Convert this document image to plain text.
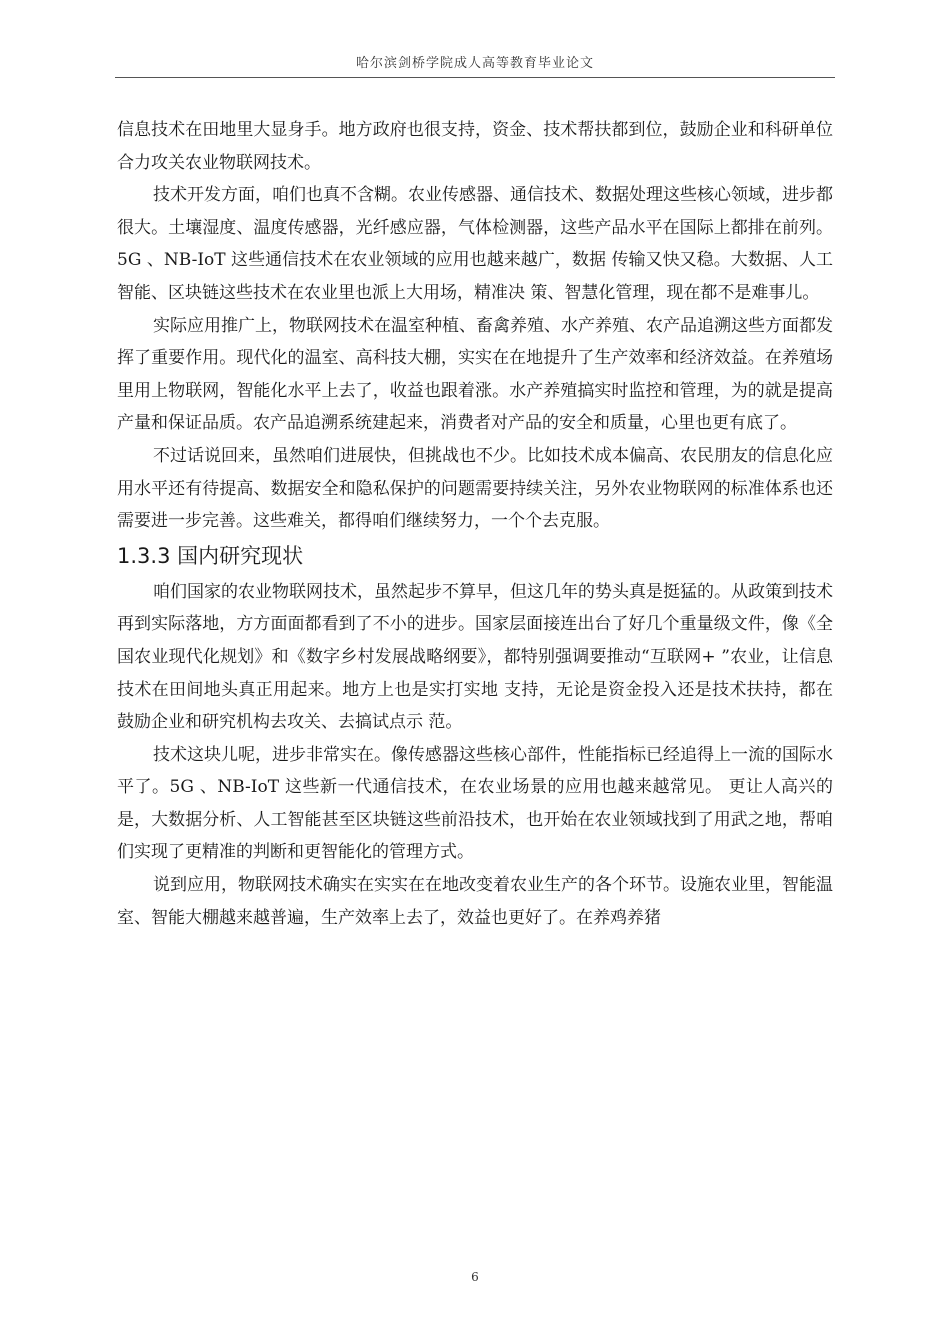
哈尔滨剑桥学院成人高等教育毕业论文

信息技术在田地里大显身手。地方政府也很支持，资金、技术帮扶都到位，鼓励企业和科研单位合力攻关农业物联网技术。

技术开发方面，咱们也真不含糊。农业传感器、通信技术、数据处理这些核心领域，进步都很大。土壤湿度、温度传感器，光纤感应器，气体检测器，这些产品水平在国际上都排在前列。5G 、NB-IoT 这些通信技术在农业领域的应用也越来越广，数据 传输又快又稳。大数据、人工智能、区块链这些技术在农业里也派上大用场，精准决 策、智慧化管理，现在都不是难事儿。

实际应用推广上，物联网技术在温室种植、畜禽养殖、水产养殖、农产品追溯这些方面都发挥了重要作用。现代化的温室、高科技大棚，实实在在地提升了生产效率和经济效益。在养殖场里用上物联网，智能化水平上去了，收益也跟着涨。水产养殖搞实时监控和管理，为的就是提高产量和保证品质。农产品追溯系统建起来，消费者对产品的安全和质量，心里也更有底了。

不过话说回来，虽然咱们进展快，但挑战也不少。比如技术成本偏高、农民朋友的信息化应用水平还有待提高、数据安全和隐私保护的问题需要持续关注，另外农业物联网的标准体系也还需要进一步完善。这些难关，都得咱们继续努力，一个个去克服。

1.3.3 国内研究现状

咱们国家的农业物联网技术，虽然起步不算早，但这几年的势头真是挺猛的。从政策到技术再到实际落地，方方面面都看到了不小的进步。国家层面接连出台了好几个重量级文件，像《全国农业现代化规划》和《数字乡村发展战略纲要》，都特别强调要推动“互联网+ ”农业，让信息技术在田间地头真正用起来。地方上也是实打实地 支持，无论是资金投入还是技术扶持，都在鼓励企业和研究机构去攻关、去搞试点示 范。

技术这块儿呢，进步非常实在。像传感器这些核心部件，性能指标已经追得上一流的国际水平了。5G 、NB-IoT 这些新一代通信技术，在农业场景的应用也越来越常见。 更让人高兴的是，大数据分析、人工智能甚至区块链这些前沿技术，也开始在农业领域找到了用武之地，帮咱们实现了更精准的判断和更智能化的管理方式。

说到应用，物联网技术确实在实实在在地改变着农业生产的各个环节。设施农业里，智能温室、智能大棚越来越普遍，生产效率上去了，效益也更好了。在养鸡养猪

6
